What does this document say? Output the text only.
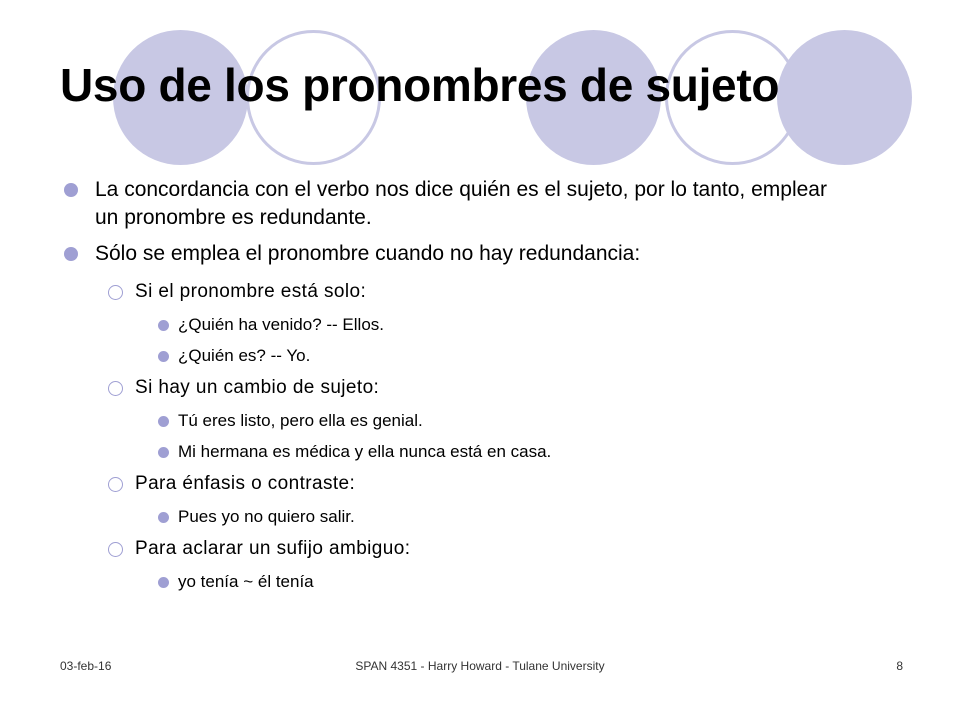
Uso de los pronombres de sujeto
La concordancia con el verbo nos dice quién es el sujeto, por lo tanto, emplear un pronombre es redundante.
Sólo se emplea el pronombre cuando no hay redundancia:
Si el pronombre está solo:
¿Quién ha venido? -- Ellos.
¿Quién es? -- Yo.
Si hay un cambio de sujeto:
Tú eres listo, pero ella es genial.
Mi hermana es médica y ella nunca está en casa.
Para énfasis o contraste:
Pues yo no quiero salir.
Para aclarar un sufijo ambiguo:
yo tenía ~ él tenía
03-feb-16	SPAN 4351 - Harry Howard - Tulane University	8
